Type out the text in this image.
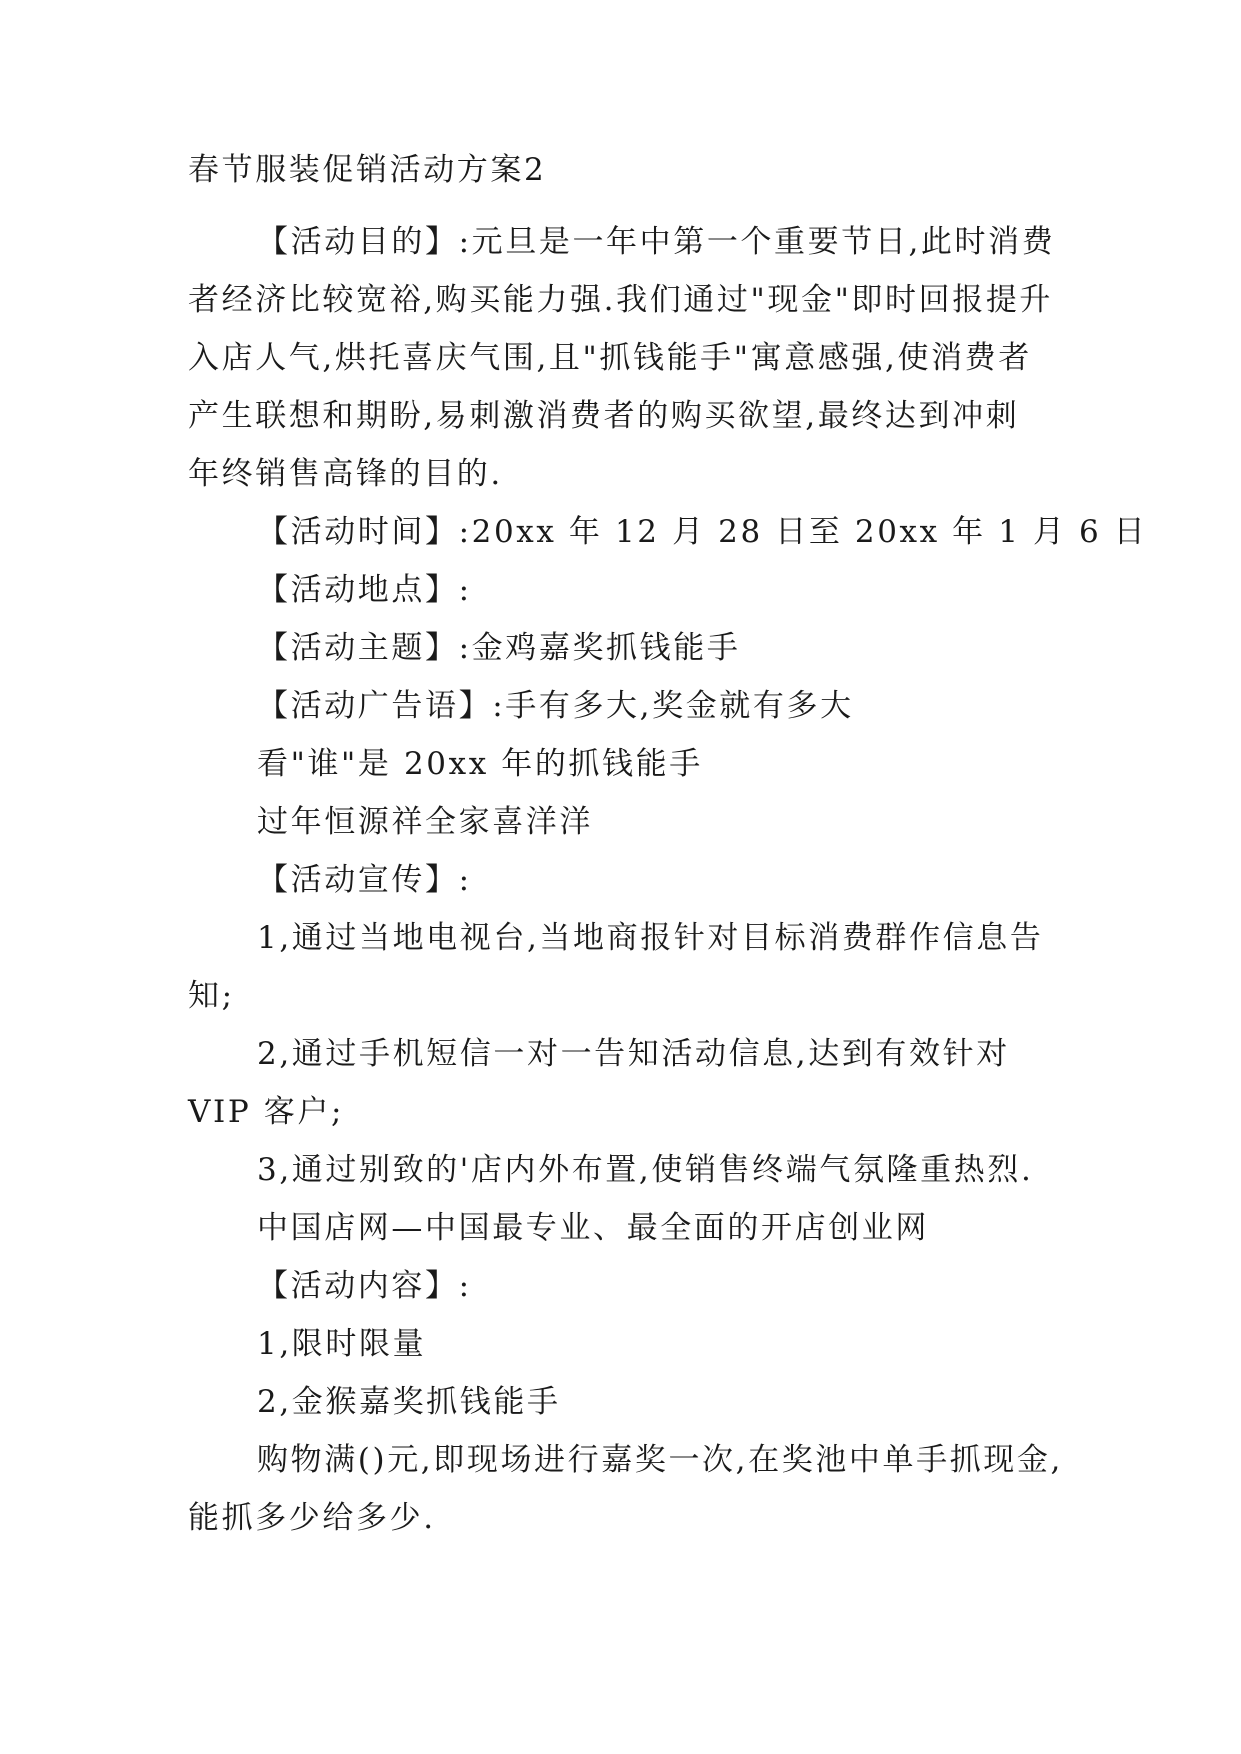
春节服装促销活动方案2
【活动目的】:元旦是一年中第一个重要节日,此时消费
者经济比较宽裕,购买能力强.我们通过"现金"即时回报提升
入店人气,烘托喜庆气围,且"抓钱能手"寓意感强,使消费者
产生联想和期盼,易刺激消费者的购买欲望,最终达到冲刺
年终销售高锋的目的.
【活动时间】:20xx 年 12 月 28 日至 20xx 年 1 月 6 日
【活动地点】:
【活动主题】:金鸡嘉奖抓钱能手
【活动广告语】:手有多大,奖金就有多大
看"谁"是 20xx 年的抓钱能手
过年恒源祥全家喜洋洋
【活动宣传】:
1,通过当地电视台,当地商报针对目标消费群作信息告
知;
2,通过手机短信一对一告知活动信息,达到有效针对
VIP 客户;
3,通过别致的'店内外布置,使销售终端气氛隆重热烈.
中国店网—中国最专业、最全面的开店创业网
【活动内容】:
1,限时限量
2,金猴嘉奖抓钱能手
购物满()元,即现场进行嘉奖一次,在奖池中单手抓现金,
能抓多少给多少.
